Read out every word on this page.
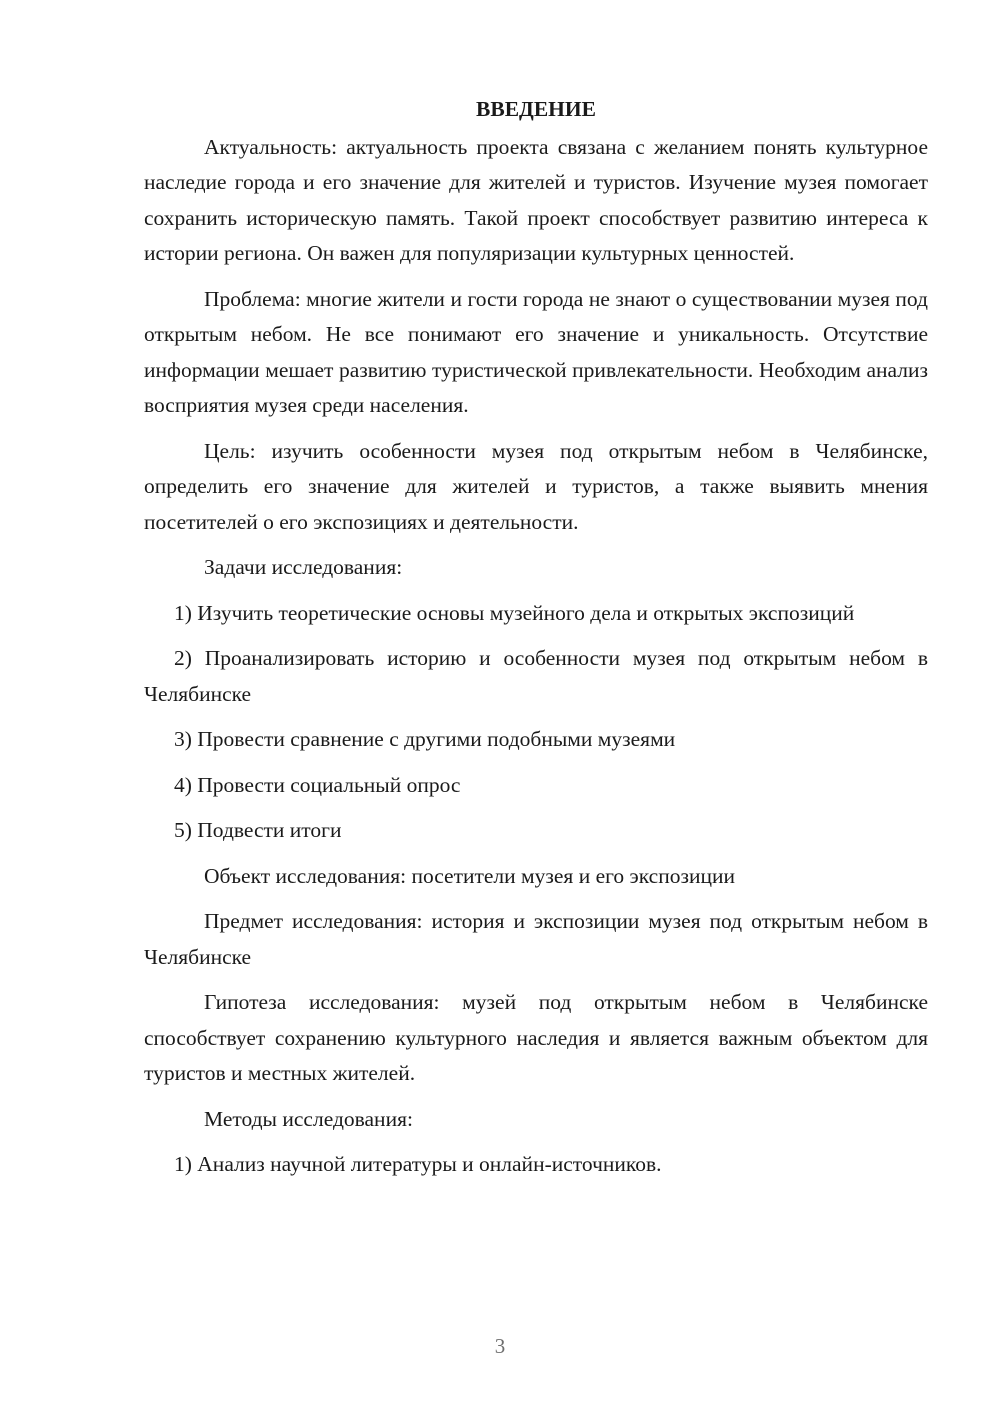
ВВЕДЕНИЕ

Актуальность: актуальность проекта связана с желанием понять культурное наследие города и его значение для жителей и туристов. Изучение музея помогает сохранить историческую память. Такой проект способствует развитию интереса к истории региона. Он важен для популяризации культурных ценностей.

Проблема: многие жители и гости города не знают о существовании музея под открытым небом. Не все понимают его значение и уникальность. Отсутствие информации мешает развитию туристической привлекательности. Необходим анализ восприятия музея среди населения.

Цель: изучить особенности музея под открытым небом в Челябинске, определить его значение для жителей и туристов, а также выявить мнения посетителей о его экспозициях и деятельности.

Задачи исследования:

1) Изучить теоретические основы музейного дела и открытых экспозиций

2) Проанализировать историю и особенности музея под открытым небом в Челябинске

3) Провести сравнение с другими подобными музеями

4) Провести социальный опрос

5) Подвести итоги

Объект исследования: посетители музея и его экспозиции

Предмет исследования: история и экспозиции музея под открытым небом в Челябинске

Гипотеза исследования: музей под открытым небом в Челябинске способствует сохранению культурного наследия и является важным объектом для туристов и местных жителей.

Методы исследования:

1) Анализ научной литературы и онлайн-источников.

3
